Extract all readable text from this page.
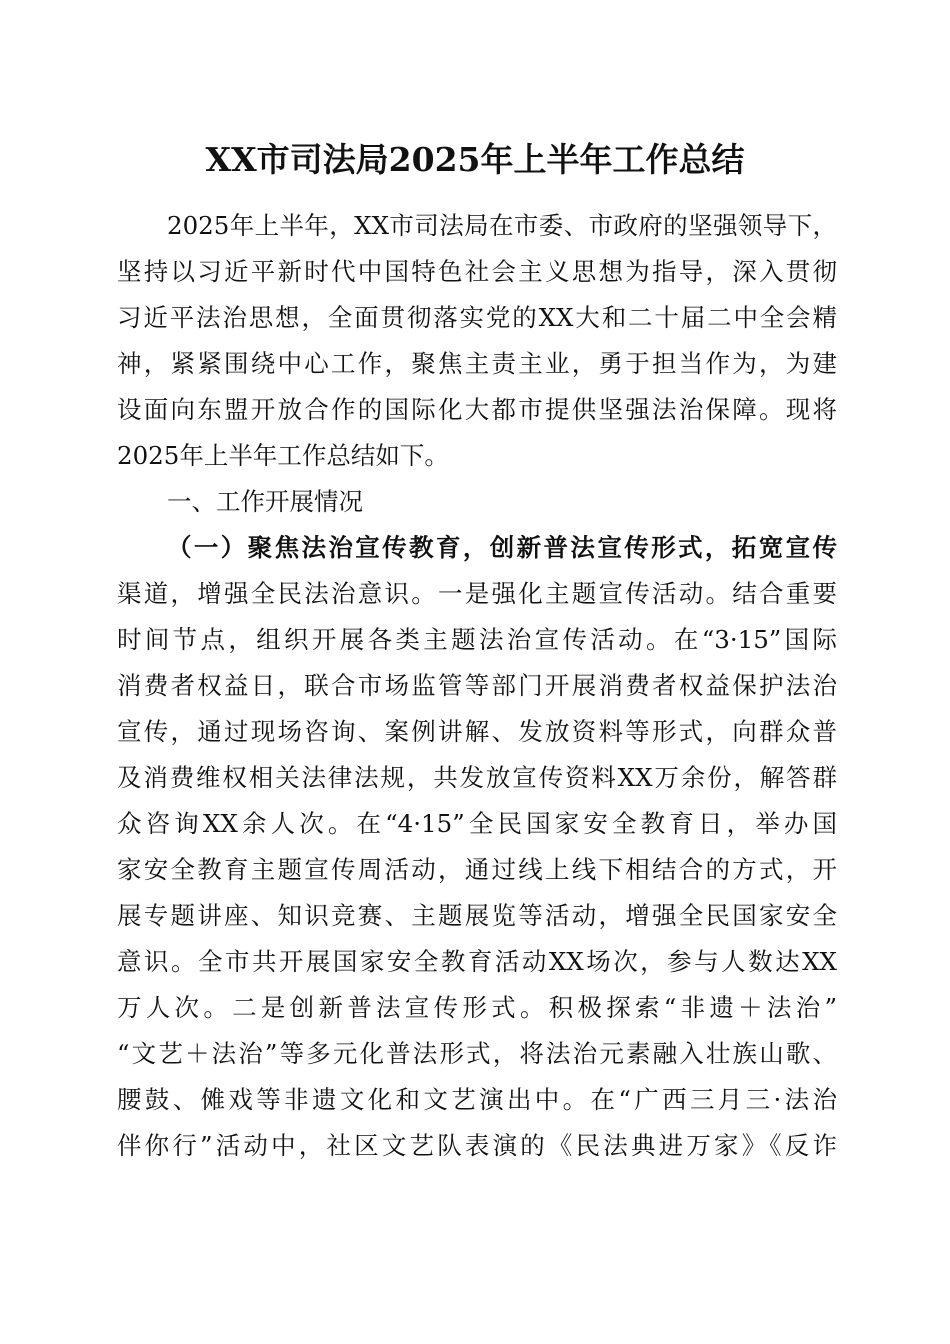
XX市司法局2025年上半年工作总结
2025年上半年，XX市司法局在市委、市政府的坚强领导下，
坚持以习近平新时代中国特色社会主义思想为指导，深入贯彻
习近平法治思想，全面贯彻落实党的XX大和二十届二中全会精
神，紧紧围绕中心工作，聚焦主责主业，勇于担当作为，为建
设面向东盟开放合作的国际化大都市提供坚强法治保障。现将
2025年上半年工作总结如下。
一、工作开展情况
（一）聚焦法治宣传教育，创新普法宣传形式，拓宽宣传
渠道，增强全民法治意识。一是强化主题宣传活动。结合重要
时间节点，组织开展各类主题法治宣传活动。在“3·15”国际
消费者权益日，联合市场监管等部门开展消费者权益保护法治
宣传，通过现场咨询、案例讲解、发放资料等形式，向群众普
及消费维权相关法律法规，共发放宣传资料XX万余份，解答群
众咨询XX余人次。在“4·15”全民国家安全教育日，举办国
家安全教育主题宣传周活动，通过线上线下相结合的方式，开
展专题讲座、知识竞赛、主题展览等活动，增强全民国家安全
意识。全市共开展国家安全教育活动XX场次，参与人数达XX
万人次。二是创新普法宣传形式。积极探索“非遗＋法治”
“文艺＋法治”等多元化普法形式，将法治元素融入壮族山歌、
腰鼓、傩戏等非遗文化和文艺演出中。在“广西三月三·法治
伴你行”活动中，社区文艺队表演的《民法典进万家》《反诈
